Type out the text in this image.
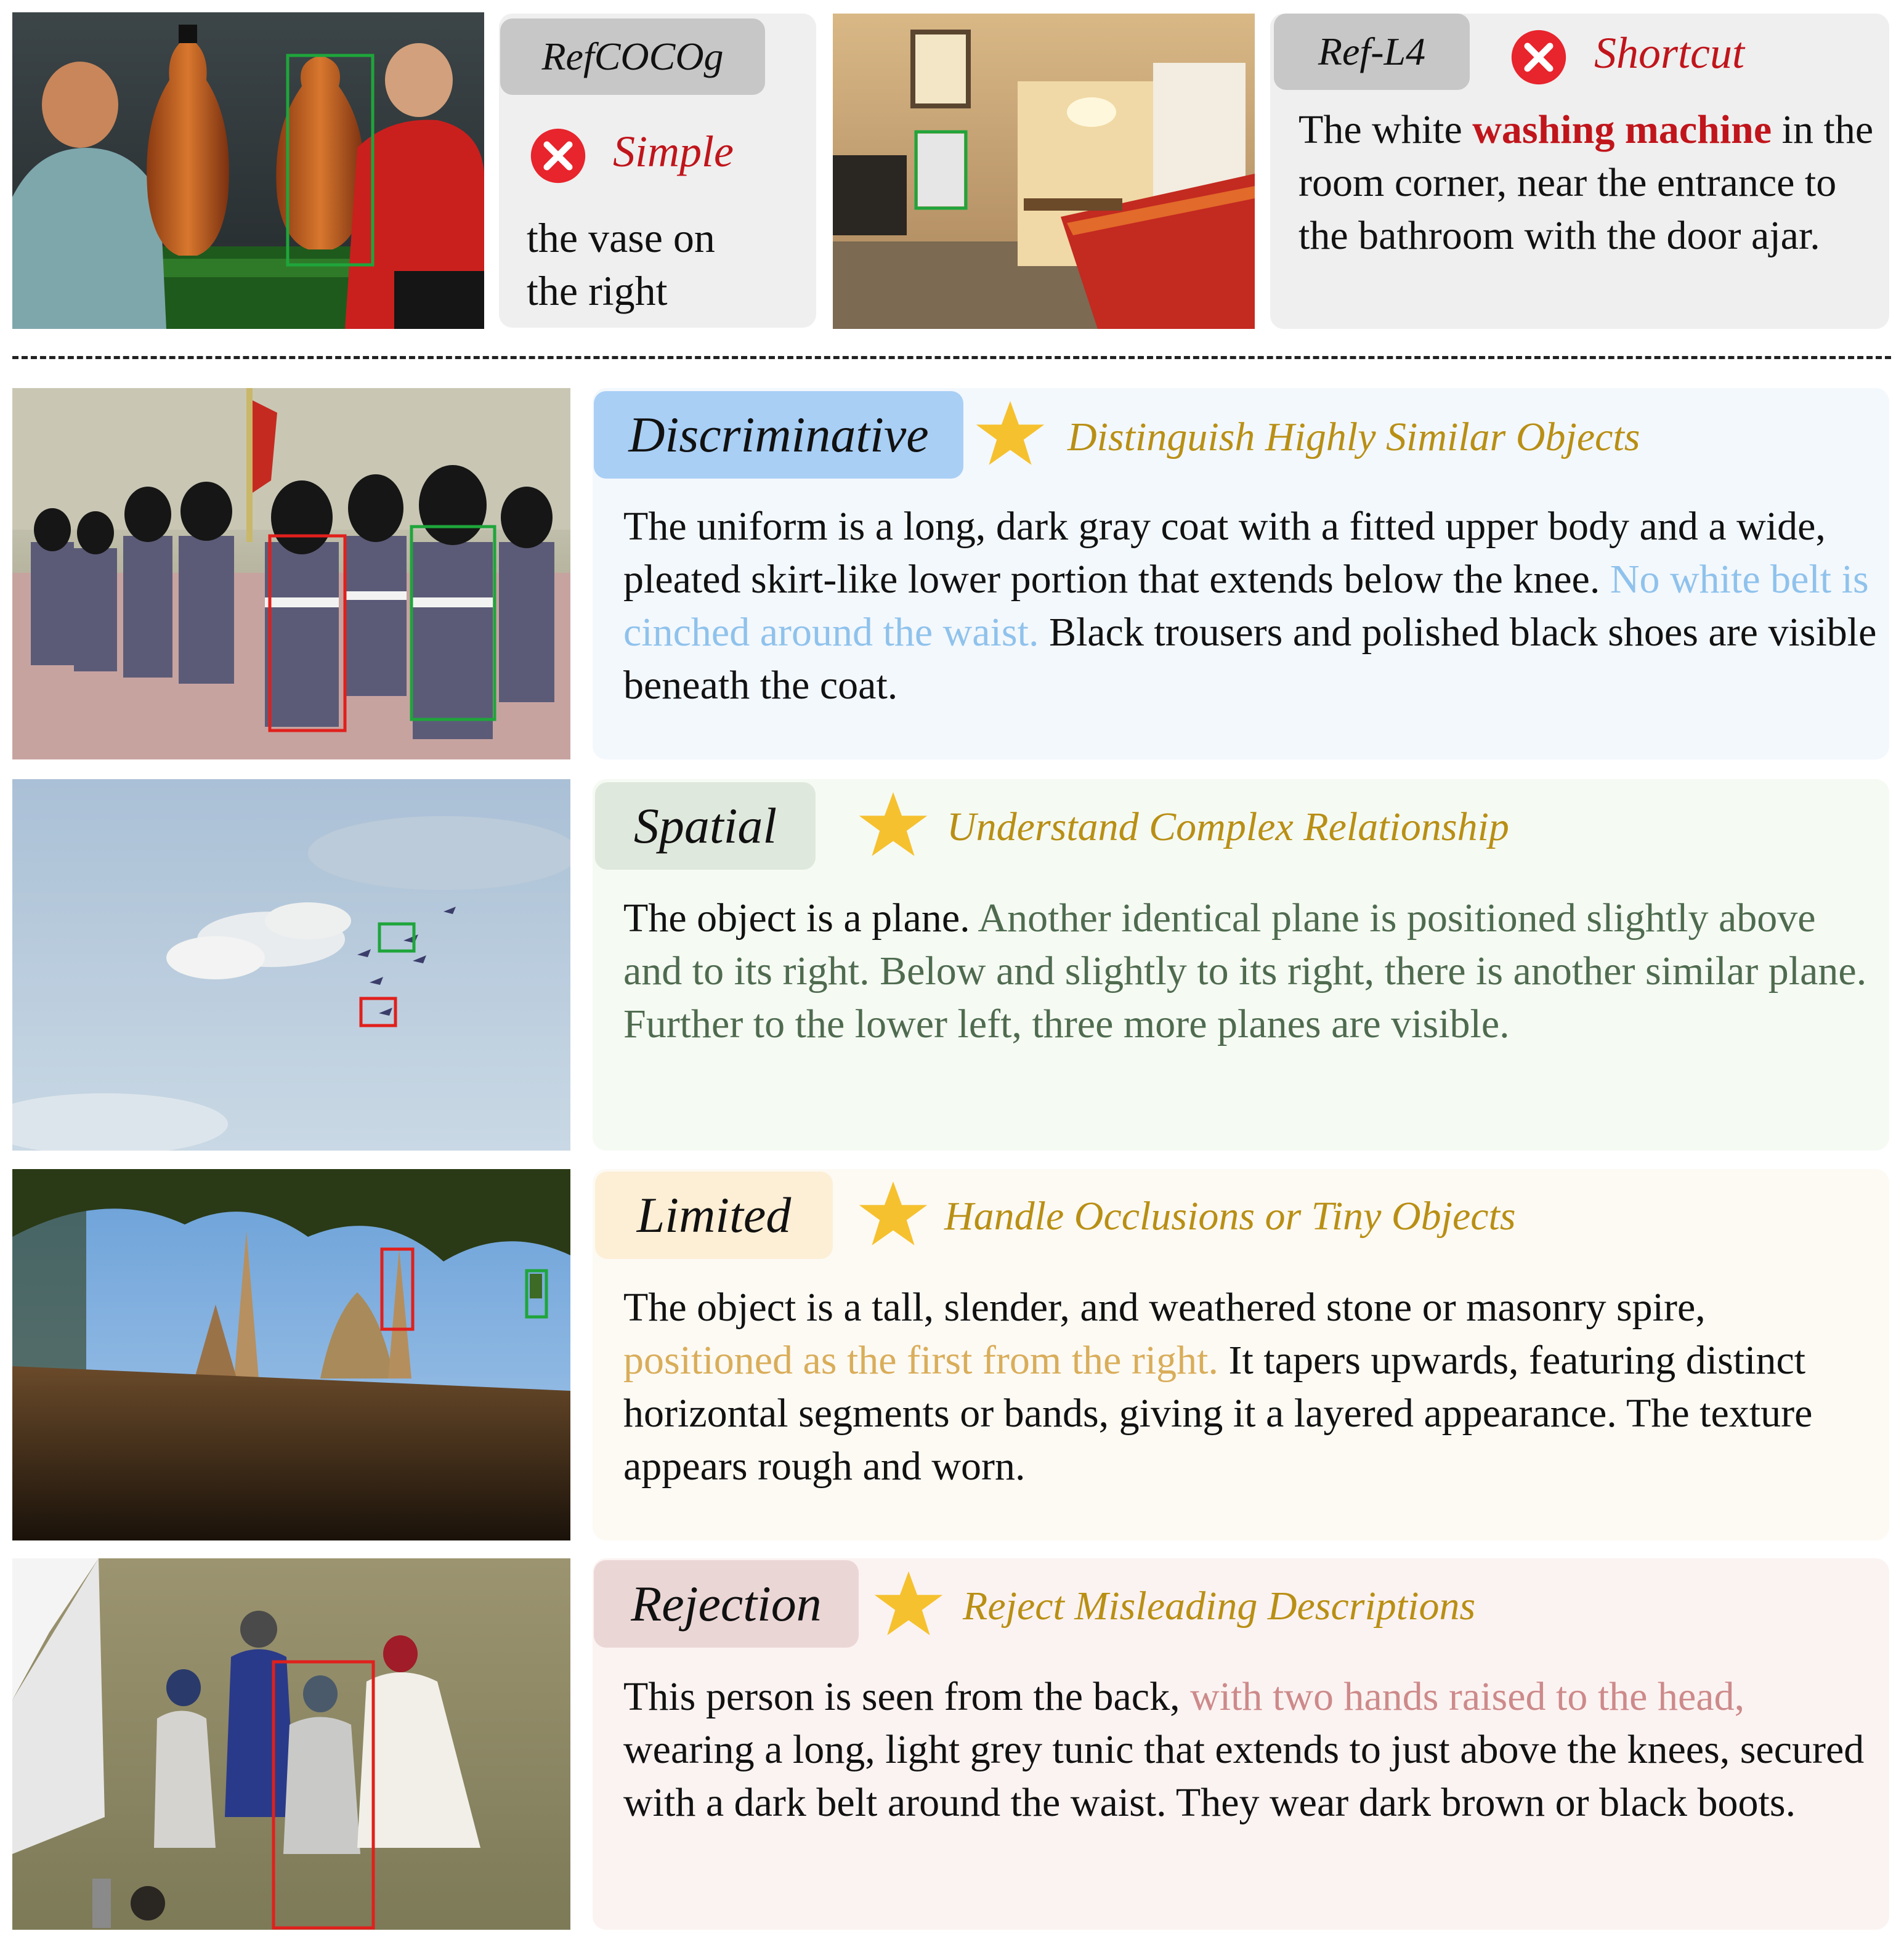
RefCOCOg
Simple
the vase on the right
Ref-L4	Shortcut
The white washing machine in the room corner, near the entrance to the bathroom with the door ajar.
Discriminative	Distinguish Highly Similar Objects
The uniform is a long, dark gray coat with a fitted upper body and a wide, pleated skirt-like lower portion that extends below the knee. No white belt is cinched around the waist. Black trousers and polished black shoes are visible beneath the coat.
Spatial	Understand Complex Relationship
The object is a plane. Another identical plane is positioned slightly above and to its right. Below and slightly to its right, there is another similar plane. Further to the lower left, three more planes are visible.
Limited	Handle Occlusions or Tiny Objects
The object is a tall, slender, and weathered stone or masonry spire, positioned as the first from the right. It tapers upwards, featuring distinct horizontal segments or bands, giving it a layered appearance. The texture appears rough and worn.
Rejection	Reject Misleading Descriptions
This person is seen from the back, with two hands raised to the head, wearing a long, light grey tunic that extends to just above the knees, secured with a dark belt around the waist. They wear dark brown or black boots.
